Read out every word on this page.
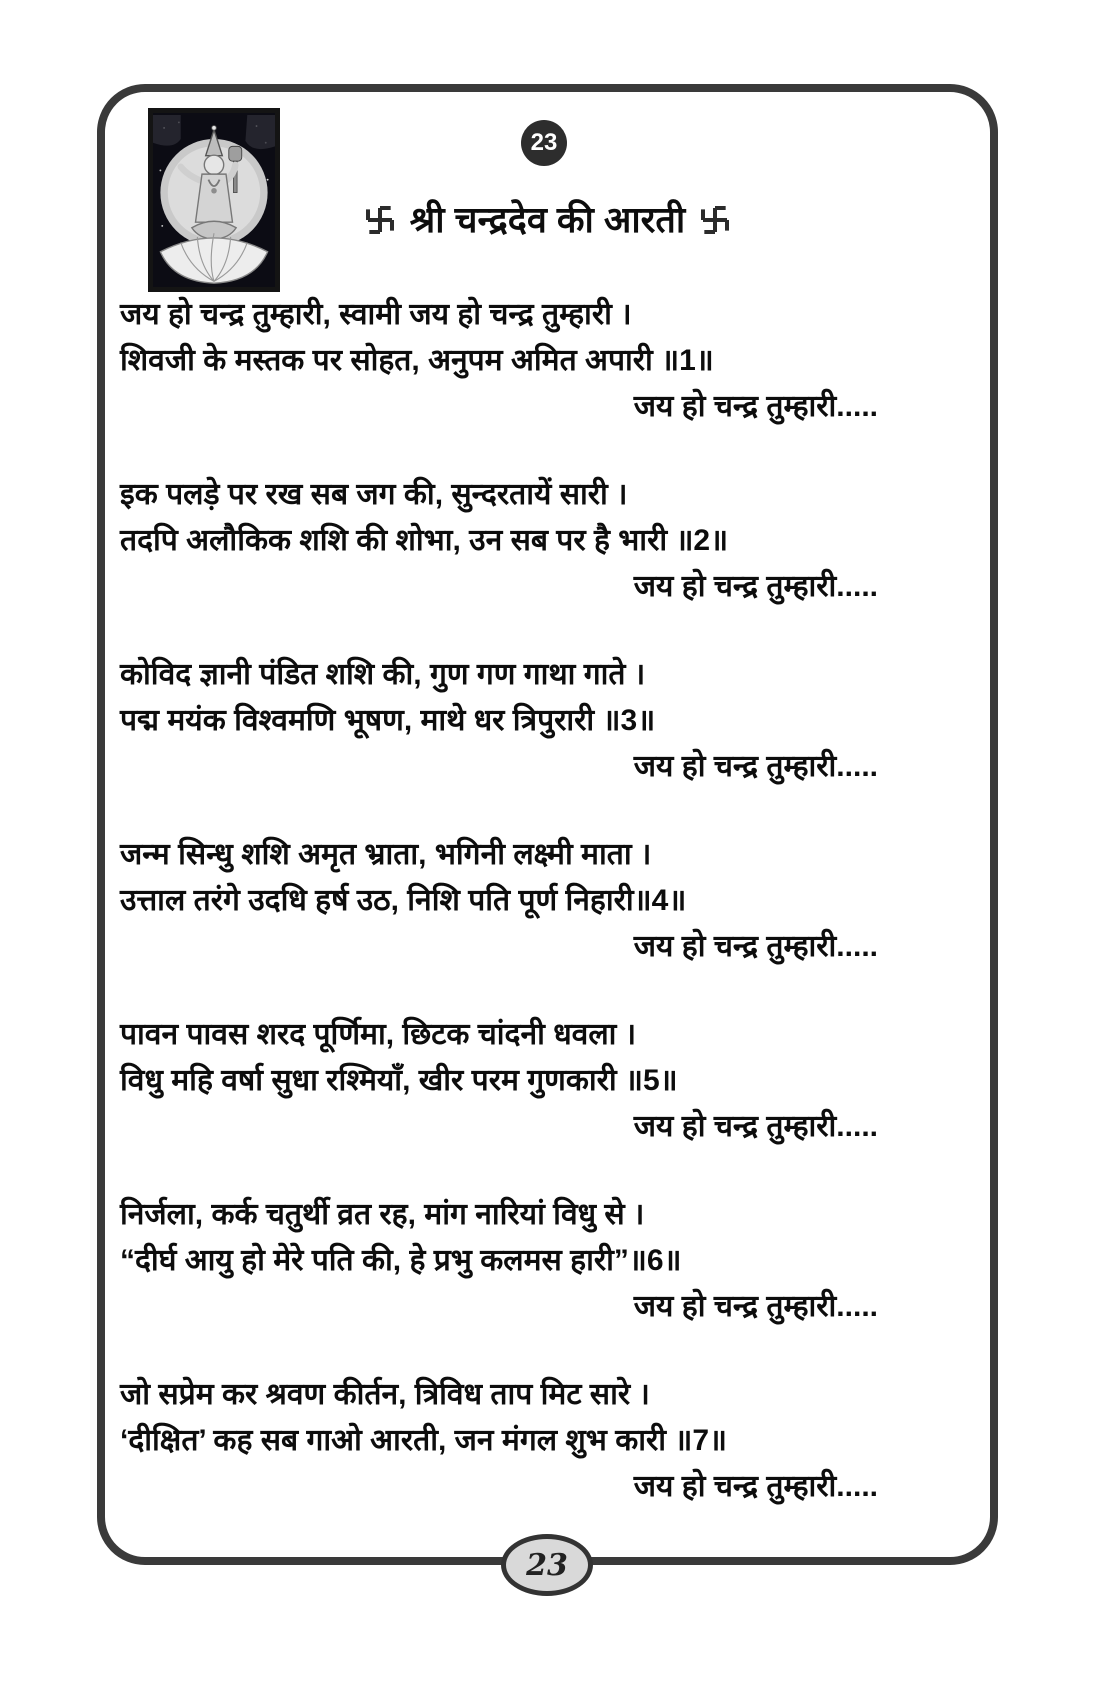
23
श्री चन्द्रदेव की आरती
जय हो चन्द्र तुम्हारी, स्वामी जय हो चन्द्र तुम्हारी ।
शिवजी के मस्तक पर सोहत, अनुपम अमित अपारी ॥1॥
जय हो चन्द्र तुम्हारी.....
इक पलड़े पर रख सब जग की, सुन्दरतायें सारी ।
तदपि अलौकिक शशि की शोभा, उन सब पर है भारी ॥2॥
जय हो चन्द्र तुम्हारी.....
कोविद ज्ञानी पंडित शशि की, गुण गण गाथा गाते ।
पद्म मयंक विश्वमणि भूषण, माथे धर त्रिपुरारी ॥3॥
जय हो चन्द्र तुम्हारी.....
जन्म सिन्धु शशि अमृत भ्राता, भगिनी लक्ष्मी माता ।
उत्ताल तरंगे उदधि हर्ष उठ, निशि पति पूर्ण निहारी॥4॥
जय हो चन्द्र तुम्हारी.....
पावन पावस शरद पूर्णिमा, छिटक चांदनी धवला ।
विधु महि वर्षा सुधा रश्मियाँ, खीर परम गुणकारी ॥5॥
जय हो चन्द्र तुम्हारी.....
निर्जला, कर्क चतुर्थी व्रत रह, मांग नारियां विधु से ।
“दीर्घ आयु हो मेरे पति की, हे प्रभु कलमस हारी”॥6॥
जय हो चन्द्र तुम्हारी.....
जो सप्रेम कर श्रवण कीर्तन, त्रिविध ताप मिट सारे ।
‘दीक्षित’ कह सब गाओ आरती, जन मंगल शुभ कारी ॥7॥
जय हो चन्द्र तुम्हारी.....
23
